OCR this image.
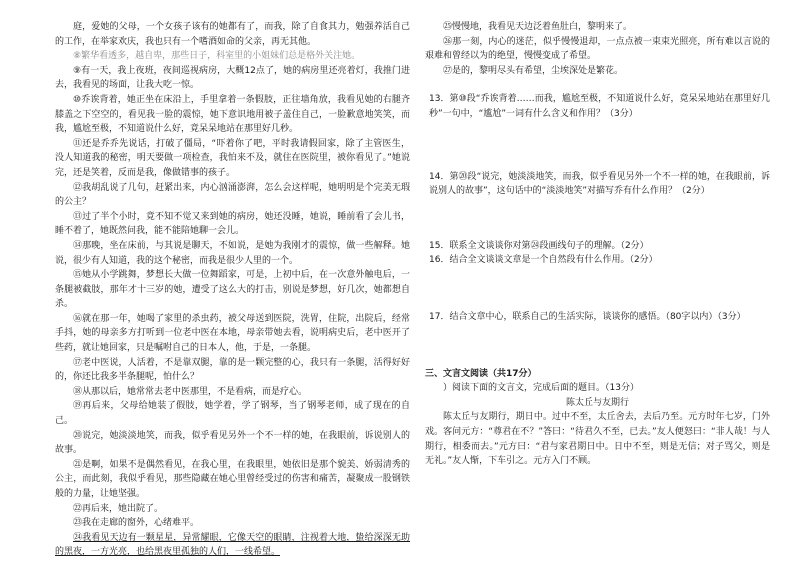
庭，爱她的父母，一个女孩子该有的她都有了，而我，除了自食其力，勉强养活自己的工作，在举家欢庆，我也只有一个嗜酒如命的父亲，再无其他。

⑧繁华看透多，越自卑，那些日子，科室里的小姐妹们总是格外关注她。

⑨有一天，我上夜班，夜间巡视病房，大概12点了，她的病房里还亮着灯，我推门进去，我看见的场面，让我大吃一惊。

⑩乔诶背着，她正坐在床沿上，手里拿着一条假肢，正往墙角放，我看见她的右腿齐膝盖之下空空的，看见我一脸的震惊，她下意识地用被子盖住自己，一脸歉意地笑笑，而我，尴尬至极，不知道说什么好，竟呆呆地站在那里好几秒。

⑪还是乔乔先说话，打破了僵局，“吓着你了吧，平时我请假回家，除了主管医生，没人知道我的秘密，明天要做一项检查，我怕来不及，就住在医院里，被你看见了。”她说完，还是笑着，反而是我，像做错事的孩子。

⑫我胡乱说了几句，赶紧出来，内心汹涌澎湃，怎么会这样呢，她明明是个完美无瑕的公主？

⑬过了半个小时，竟不知不觉又来到她的病房，她还没睡，她说，睡前看了会儿书，睡不着了，她既然问我，能不能陪她聊一会儿。

⑭那晚，坐在床前，与其说是聊天，不如说，是她为我刚才的震惊，做一些解释。她说，很少有人知道，我的这个秘密，而我是很少人里的一个。

⑮她从小学跳舞，梦想长大做一位舞蹈家，可是，上初中后，在一次意外触电后，一条腿被截肢，那年才十三岁的她，遭受了这么大的打击，别说是梦想，好几次，她都想自杀。

⑯就在那一年，她喝了家里的杀虫药，被父母送到医院，洗胃，住院，出院后，经常手抖，她的母亲多方打听到一位老中医在本地，母亲带她去看，说明病史后，老中医开了些药，就让她回家，只是嘱咐自己的日本人，他，于是，一条腿。

⑰老中医说，人活着，不是靠双腿，靠的是一颗完整的心，我只有一条腿，活得好好的，你还比我多半条腿呢，怕什么？

⑱从那以后，她常常去老中医那里，不是看病，而是疗心。

⑲再后来，父母给她装了假肢，她学着，学了钢琴，当了钢琴老师，成了现在的自己。

⑳说完，她淡淡地笑，而我，似乎看见另外一个不一样的她，在我眼前，诉说别人的故事。

㉑是啊，如果不是偶然看见，在我心里，在我眼里，她依旧是那个貌美、娇弱清秀的公主，而此刻，我似乎看见，那些隐藏在她心里曾经受过的伤害和痛苦，凝聚成一股钢铁般的力量，让她坚强。

㉒再后来，她出院了。

㉓我在走廊的窗外，心绪难平。

㉔我看见天边有一颗星星，异常耀眼，它像天空的眼睛，注视着大地，蛰给深深无助的黑夜，一方光亮，也给黑夜里孤独的人们，一线希望。

㉕慢慢地，我看见天边泛着鱼肚白，黎明来了。

㉖那一刻，内心的迷茫，似乎慢慢退却，一点点被一束束光照亮，所有难以言说的艰难和曾经以为的绝望，慢慢变成了希望。

㉗是的，黎明尽头有希望，尘埃深处是繁花。

13．第⑩段“乔诶背着……而我，尴尬至极，不知道说什么好，竟呆呆地站在那里好几秒”一句中，“尴尬”一词有什么含义和作用？（3分）

14．第⑳段“说完，她淡淡地笑，而我，似乎看见另外一个不一样的她，在我眼前，诉说别人的故事”，这句话中的“淡淡地笑”对描写乔有什么作用？（2分）

15．联系全文谈谈你对第㉔段画线句子的理解。（2分）

16．结合全文谈谈文章是一个自然段有什么作用。（2分）

17．结合文章中心，联系自己的生活实际，谈谈你的感悟。（80字以内）（3分）

三、文言文阅读（共17分）

）阅读下面的文言文，完成后面的题目。（13分）

陈太丘与友期行

陈太丘与友期行，期日中。过中不至，太丘舍去，去后乃至。元方时年七岁，门外戏。客问元方：“尊君在不？”答曰：“待君久不至，已去。”友人便怒曰：“非人哉！与人期行，相委而去。”元方曰：“君与家君期日中。日中不至，则是无信；对子骂父，则是无礼。”友人惭，下车引之。元方入门不顾。
